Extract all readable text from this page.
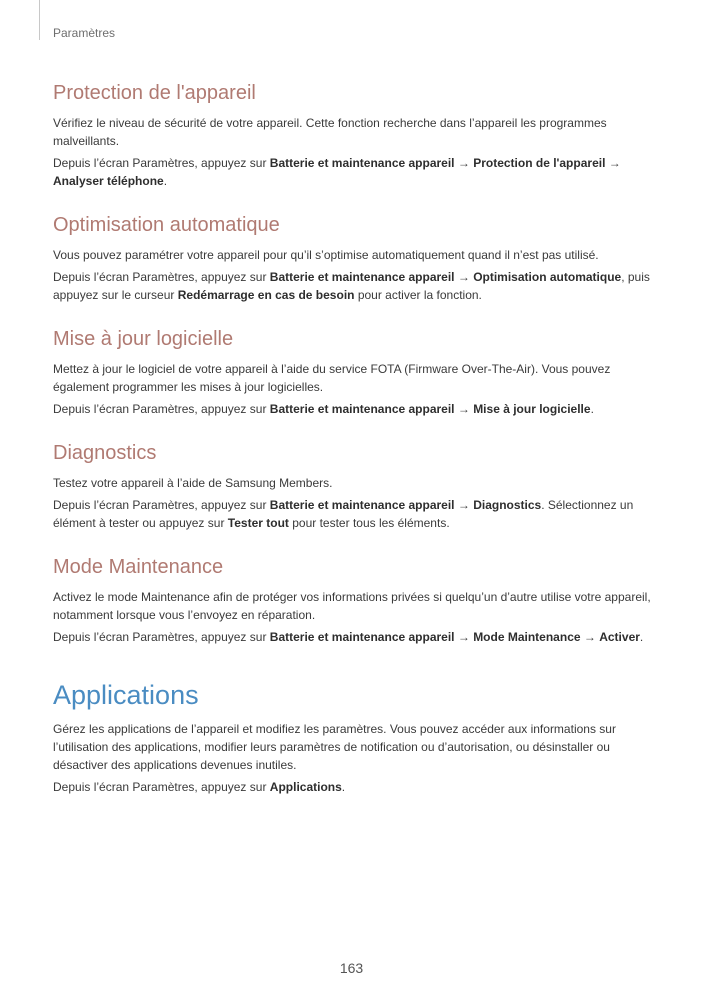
Paramètres
Protection de l'appareil

Vérifiez le niveau de sécurité de votre appareil. Cette fonction recherche dans l’appareil les programmes malveillants.

Depuis l’écran Paramètres, appuyez sur Batterie et maintenance appareil → Protection de l'appareil → Analyser téléphone.

Optimisation automatique

Vous pouvez paramétrer votre appareil pour qu’il s’optimise automatiquement quand il n’est pas utilisé.

Depuis l’écran Paramètres, appuyez sur Batterie et maintenance appareil → Optimisation automatique, puis appuyez sur le curseur Redémarrage en cas de besoin pour activer la fonction.

Mise à jour logicielle

Mettez à jour le logiciel de votre appareil à l’aide du service FOTA (Firmware Over-The-Air). Vous pouvez également programmer les mises à jour logicielles.

Depuis l’écran Paramètres, appuyez sur Batterie et maintenance appareil → Mise à jour logicielle.

Diagnostics

Testez votre appareil à l’aide de Samsung Members.

Depuis l’écran Paramètres, appuyez sur Batterie et maintenance appareil → Diagnostics. Sélectionnez un élément à tester ou appuyez sur Tester tout pour tester tous les éléments.

Mode Maintenance

Activez le mode Maintenance afin de protéger vos informations privées si quelqu’un d’autre utilise votre appareil, notamment lorsque vous l’envoyez en réparation.

Depuis l’écran Paramètres, appuyez sur Batterie et maintenance appareil → Mode Maintenance → Activer.

Applications

Gérez les applications de l’appareil et modifiez les paramètres. Vous pouvez accéder aux informations sur l’utilisation des applications, modifier leurs paramètres de notification ou d’autorisation, ou désinstaller ou désactiver des applications devenues inutiles.

Depuis l’écran Paramètres, appuyez sur Applications.

163
